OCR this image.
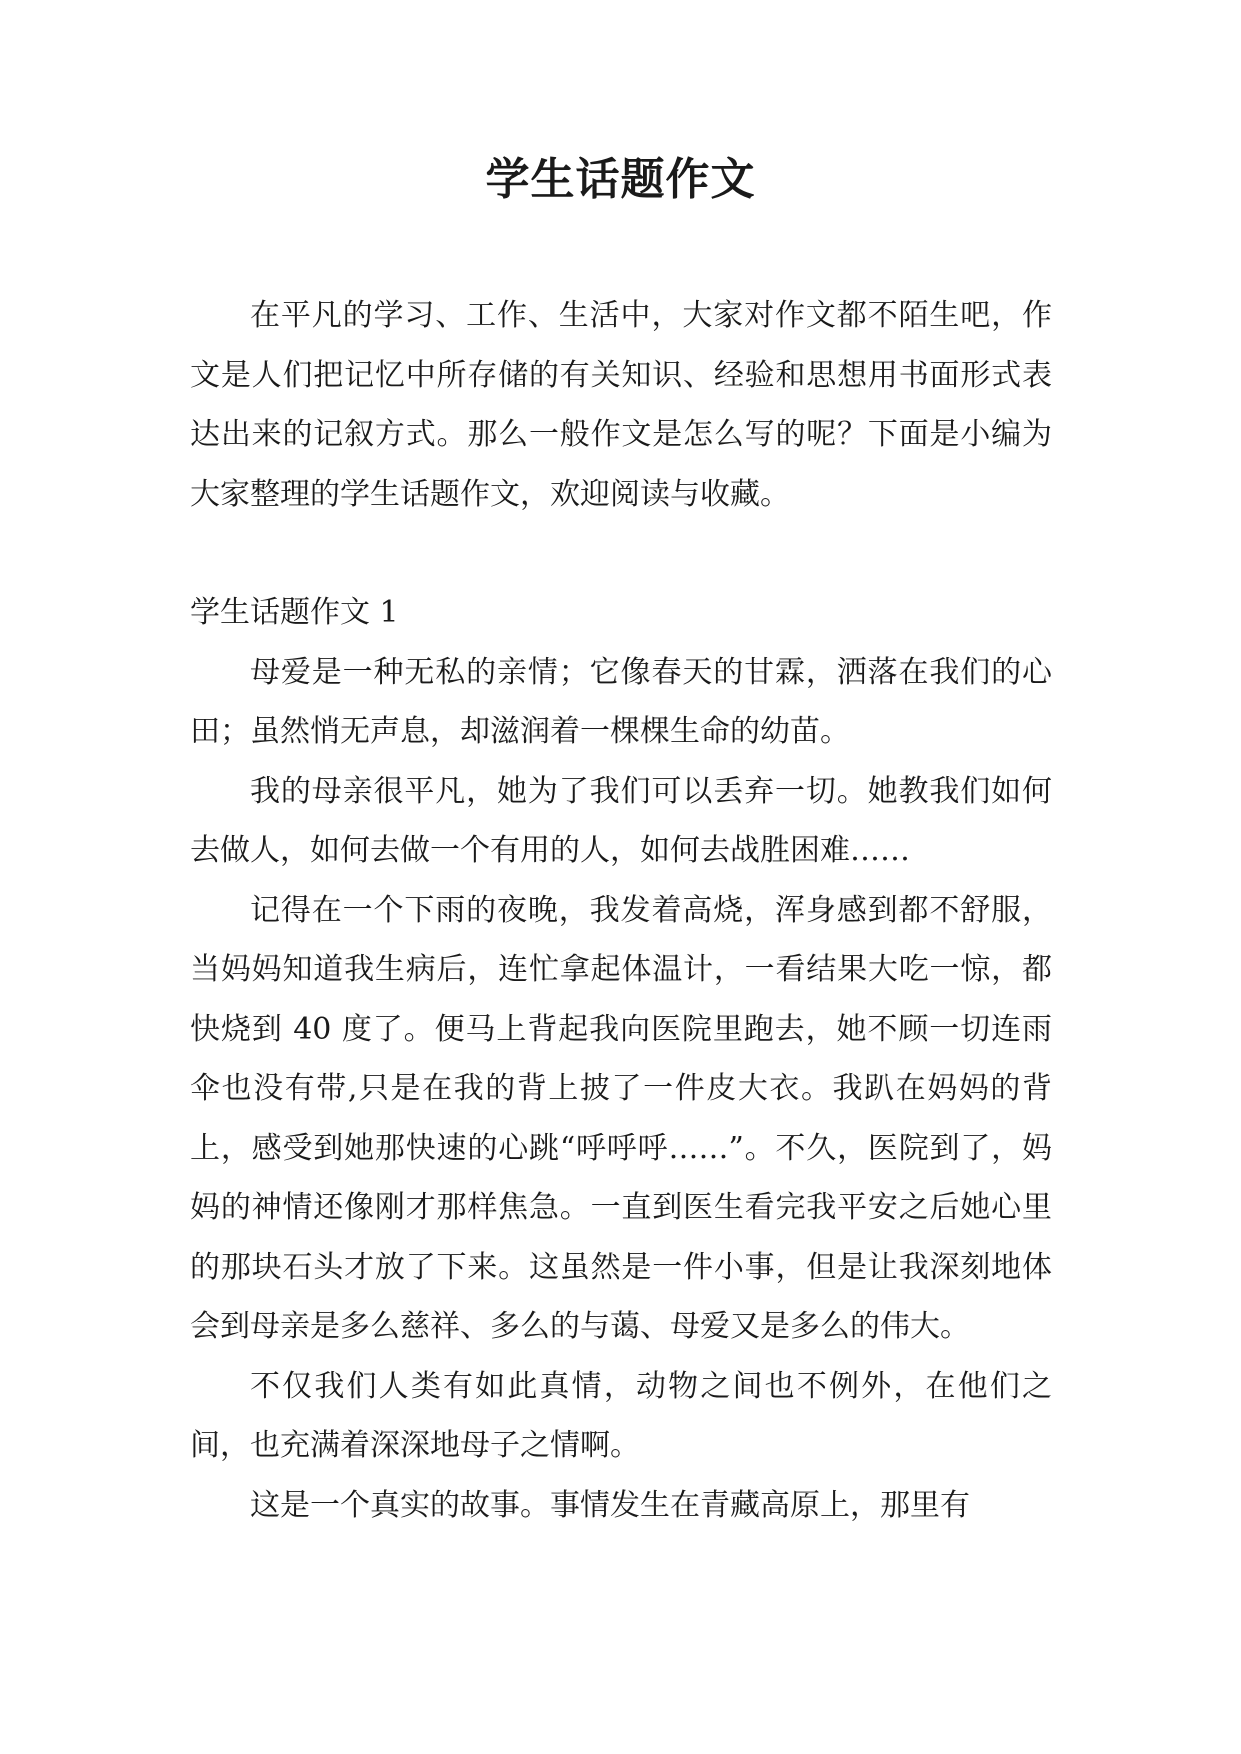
学生话题作文

在平凡的学习、工作、生活中，大家对作文都不陌生吧，作文是人们把记忆中所存储的有关知识、经验和思想用书面形式表达出来的记叙方式。那么一般作文是怎么写的呢？下面是小编为大家整理的学生话题作文，欢迎阅读与收藏。

学生话题作文 1

母爱是一种无私的亲情；它像春天的甘霖，洒落在我们的心田；虽然悄无声息，却滋润着一棵棵生命的幼苗。

我的母亲很平凡，她为了我们可以丢弃一切。她教我们如何去做人，如何去做一个有用的人，如何去战胜困难……

记得在一个下雨的夜晚，我发着高烧，浑身感到都不舒服，当妈妈知道我生病后，连忙拿起体温计，一看结果大吃一惊，都快烧到 40 度了。便马上背起我向医院里跑去，她不顾一切连雨伞也没有带,只是在我的背上披了一件皮大衣。我趴在妈妈的背上，感受到她那快速的心跳“呼呼呼……”。不久，医院到了，妈妈的神情还像刚才那样焦急。一直到医生看完我平安之后她心里的那块石头才放了下来。这虽然是一件小事，但是让我深刻地体会到母亲是多么慈祥、多么的与蔼、母爱又是多么的伟大。

不仅我们人类有如此真情，动物之间也不例外，在他们之间，也充满着深深地母子之情啊。

这是一个真实的故事。事情发生在青藏高原上，那里有
